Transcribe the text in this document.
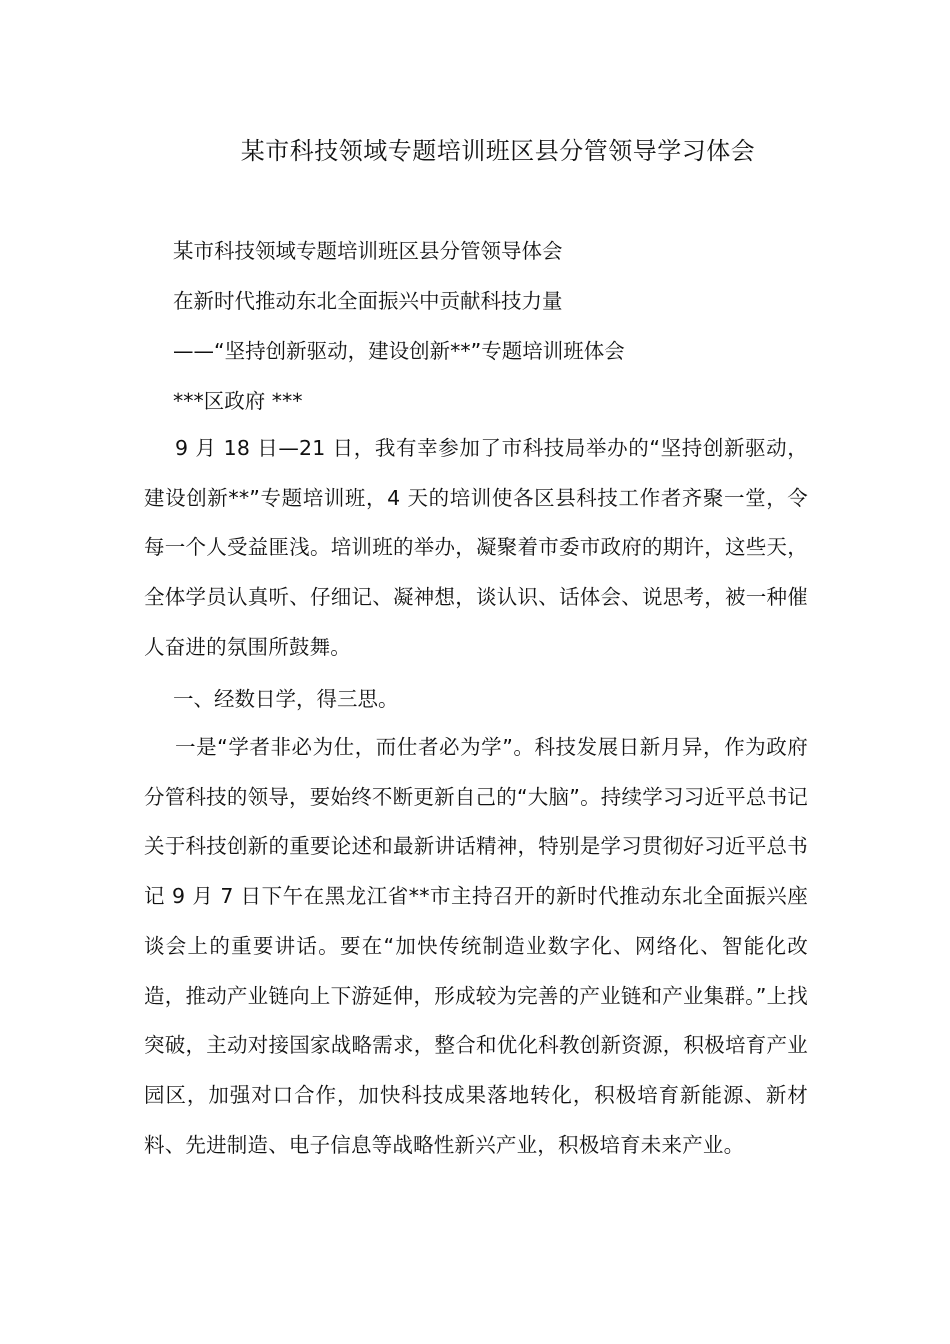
某市科技领域专题培训班区县分管领导学习体会
某市科技领域专题培训班区县分管领导体会
在新时代推动东北全面振兴中贡献科技力量
——“坚持创新驱动，建设创新**”专题培训班体会
***区政府 ***
9 月 18 日—21 日，我有幸参加了市科技局举办的“坚持创新驱动，建设创新**”专题培训班，4 天的培训使各区县科技工作者齐聚一堂，令每一个人受益匪浅。培训班的举办，凝聚着市委市政府的期许，这些天，全体学员认真听、仔细记、凝神想，谈认识、话体会、说思考，被一种催人奋进的氛围所鼓舞。
一、经数日学，得三思。
一是“学者非必为仕，而仕者必为学”。科技发展日新月异，作为政府分管科技的领导，要始终不断更新自己的“大脑”。持续学习习近平总书记关于科技创新的重要论述和最新讲话精神，特别是学习贯彻好习近平总书记 9 月 7 日下午在黑龙江省**市主持召开的新时代推动东北全面振兴座谈会上的重要讲话。要在“加快传统制造业数字化、网络化、智能化改造，推动产业链向上下游延伸，形成较为完善的产业链和产业集群。”上找突破，主动对接国家战略需求，整合和优化科教创新资源，积极培育产业园区，加强对口合作，加快科技成果落地转化，积极培育新能源、新材料、先进制造、电子信息等战略性新兴产业，积极培育未来产业。
